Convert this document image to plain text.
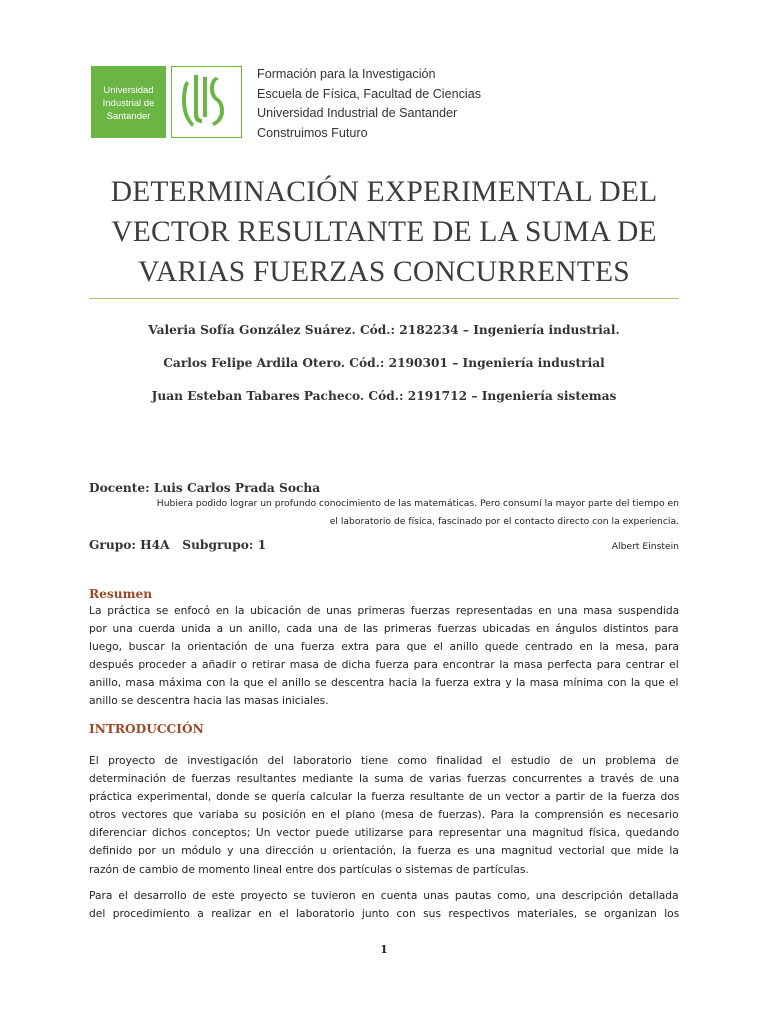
Universidad
Industrial de
Santander
Formación para la Investigación
Escuela de Física, Facultad de Ciencias
Universidad Industrial de Santander
Construimos Futuro
DETERMINACIÓN EXPERIMENTAL DEL
VECTOR RESULTANTE DE LA SUMA DE
VARIAS FUERZAS CONCURRENTES
Valeria Sofía González Suárez. Cód.: 2182234 – Ingeniería industrial.
Carlos Felipe Ardila Otero. Cód.: 2190301 – Ingeniería industrial
Juan Esteban Tabares Pacheco. Cód.: 2191712 – Ingeniería sistemas

Docente: Luis Carlos Prada Socha

Grupo: H4A   Subgrupo: 1

Hubiera podido lograr un profundo conocimiento de las matemáticas. Pero consumí la mayor parte del tiempo en
el laboratorio de física, fascinado por el contacto directo con la experiencia.
Albert Einstein
Resumen
La práctica se enfocó en la ubicación de unas primeras fuerzas representadas en una masa suspendida
por una cuerda unida a un anillo, cada una de las primeras fuerzas ubicadas en ángulos distintos para
luego, buscar la orientación de una fuerza extra para que el anillo quede centrado en la mesa, para
después proceder a añadir o retirar masa de dicha fuerza para encontrar la masa perfecta para centrar el
anillo, masa máxima con la que el anillo se descentra hacia la fuerza extra y la masa mínima con la que el
anillo se descentra hacia las masas iniciales.
INTRODUCCIÓN
El proyecto de investigación del laboratorio tiene como finalidad el estudio de un problema de
determinación de fuerzas resultantes mediante la suma de varias fuerzas concurrentes a través de una
práctica experimental, donde se quería calcular la fuerza resultante de un vector a partir de la fuerza dos
otros vectores que variaba su posición en el plano (mesa de fuerzas). Para la comprensión es necesario
diferenciar dichos conceptos; Un vector puede utilizarse para representar una magnitud física, quedando
definido por un módulo y una dirección u orientación, la fuerza es una magnitud vectorial que mide la
razón de cambio de momento lineal entre dos partículas o sistemas de partículas.
Para el desarrollo de este proyecto se tuvieron en cuenta unas pautas como, una descripción detallada
del procedimiento a realizar en el laboratorio junto con sus respectivos materiales, se organizan los
1
